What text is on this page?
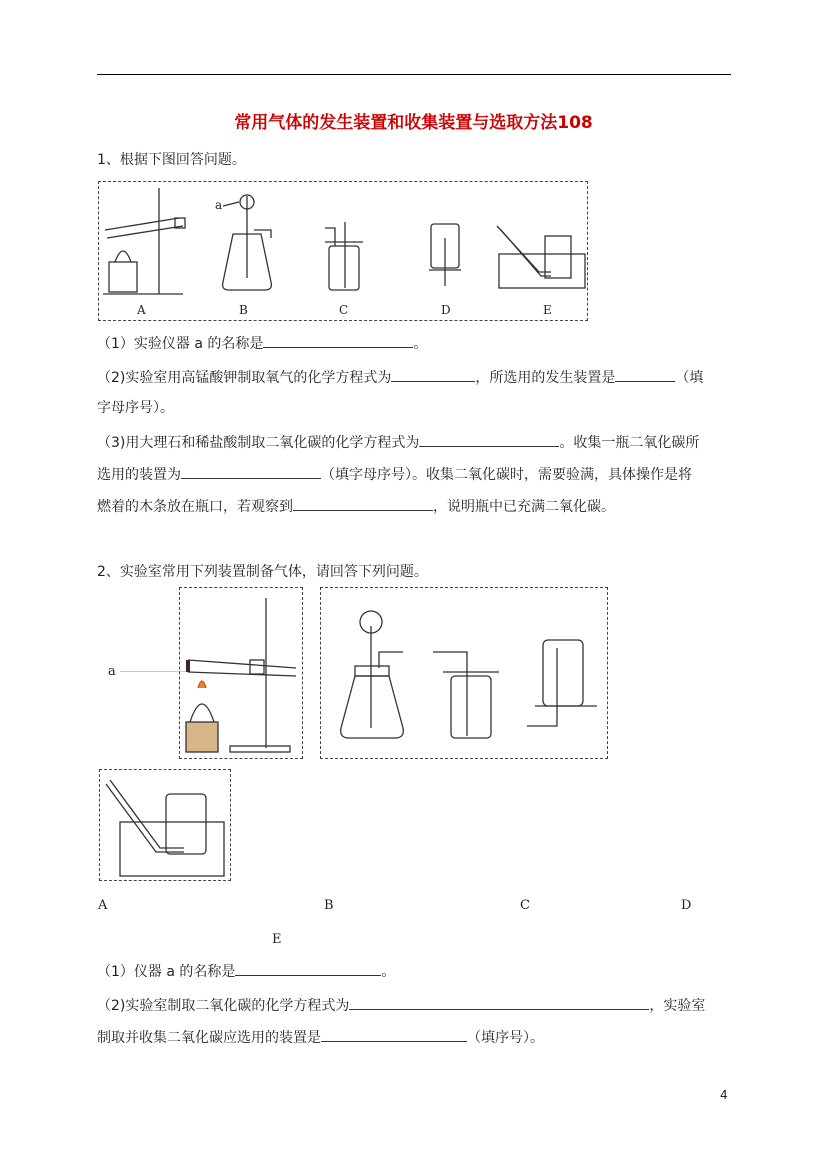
常用气体的发生装置和收集装置与选取方法108
1、根据下图回答问题。
A	B	C	D	E
a
（1）实验仪器 a 的名称是	。
（2)实验室用高锰酸钾制取氧气的化学方程式为	，所选用的发生装置是	（填
字母序号）。
（3)用大理石和稀盐酸制取二氧化碳的化学方程式为	。收集一瓶二氧化碳所
选用的装置为	（填字母序号）。收集二氧化碳时，需要验满，具体操作是将
燃着的木条放在瓶口，若观察到	，说明瓶中已充满二氧化碳。
2、实验室常用下列装置制备气体，请回答下列问题。
a
A	B	C	D
E
（1）仪器 a 的名称是	。
（2)实验室制取二氧化碳的化学方程式为	，实验室
制取并收集二氧化碳应选用的装置是	（填序号）。
4
